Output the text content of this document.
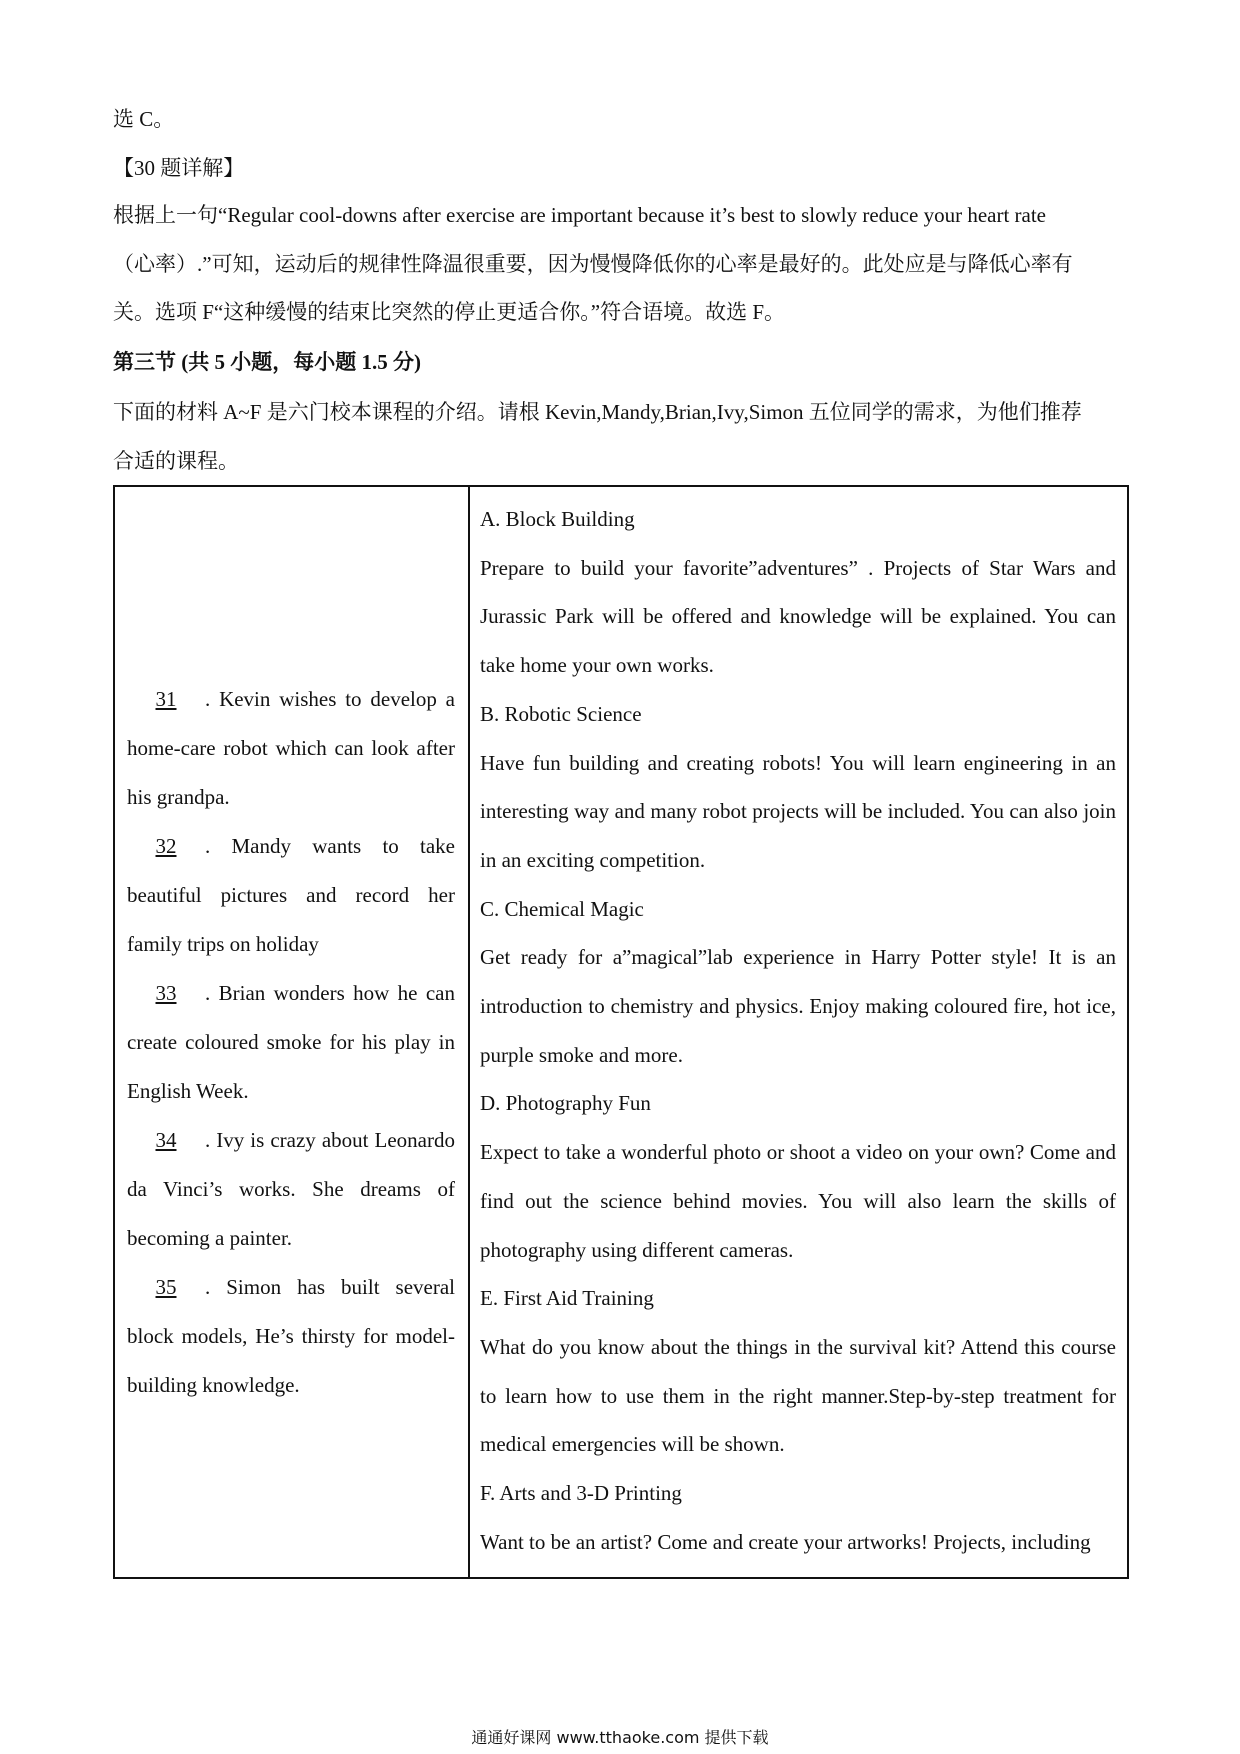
选 C。
【30 题详解】
根据上一句“Regular cool-downs after exercise are important because it’s best to slowly reduce your heart rate
（心率）.”可知，运动后的规律性降温很重要，因为慢慢降低你的心率是最好的。此处应是与降低心率有
关。选项 F“这种缓慢的结束比突然的停止更适合你。”符合语境。故选 F。
第三节 (共 5 小题，每小题 1.5 分)
下面的材料 A~F 是六门校本课程的介绍。请根 Kevin,Mandy,Brian,Ivy,Simon 五位同学的需求，为他们推荐
合适的课程。

31 . Kevin wishes to develop a home-care robot which can look after his grandpa.

32 . Mandy wants to take beautiful pictures and record her family trips on holiday

33 . Brian wonders how he can create coloured smoke for his play in English Week.

34 . Ivy is crazy about Leonardo da Vinci’s works. She dreams of becoming a painter.

35 . Simon has built several block models, He’s thirsty for model-building knowledge.

A. Block Building

Prepare to build your favorite”adventures” . Projects of Star Wars and Jurassic Park will be offered and knowledge will be explained. You can take home your own works.

B. Robotic Science

Have fun building and creating robots! You will learn engineering in an interesting way and many robot projects will be included. You can also join in an exciting competition.

C. Chemical Magic

Get ready for a”magical”lab experience in Harry Potter style! It is an introduction to chemistry and physics. Enjoy making coloured fire, hot ice, purple smoke and more.

D. Photography Fun

Expect to take a wonderful photo or shoot a video on your own? Come and find out the science behind movies. You will also learn the skills of photography using different cameras.

E. First Aid Training

What do you know about the things in the survival kit? Attend this course to learn how to use them in the right manner.Step-by-step treatment for medical emergencies will be shown.

F. Arts and 3-D Printing

Want to be an artist? Come and create your artworks! Projects, including

通通好课网 www.tthaoke.com 提供下载
